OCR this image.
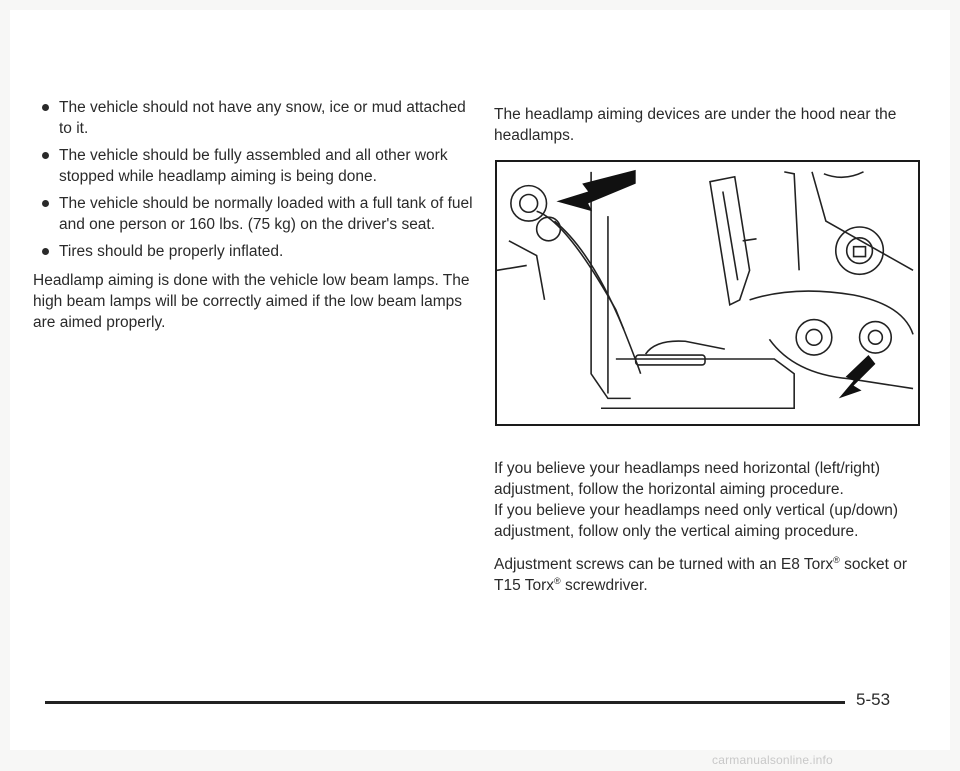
The vehicle should not have any snow, ice or mud attached to it.
The vehicle should be fully assembled and all other work stopped while headlamp aiming is being done.
The vehicle should be normally loaded with a full tank of fuel and one person or 160 lbs. (75 kg) on the driver's seat.
Tires should be properly inflated.

Headlamp aiming is done with the vehicle low beam lamps. The high beam lamps will be correctly aimed if the low beam lamps are aimed properly.

The headlamp aiming devices are under the hood near the headlamps.

If you believe your headlamps need horizontal (left/right) adjustment, follow the horizontal aiming procedure.

If you believe your headlamps need only vertical (up/down) adjustment, follow only the vertical aiming procedure.

Adjustment screws can be turned with an E8 Torx® socket or T15 Torx® screwdriver.

5-53
carmanualsonline.info
